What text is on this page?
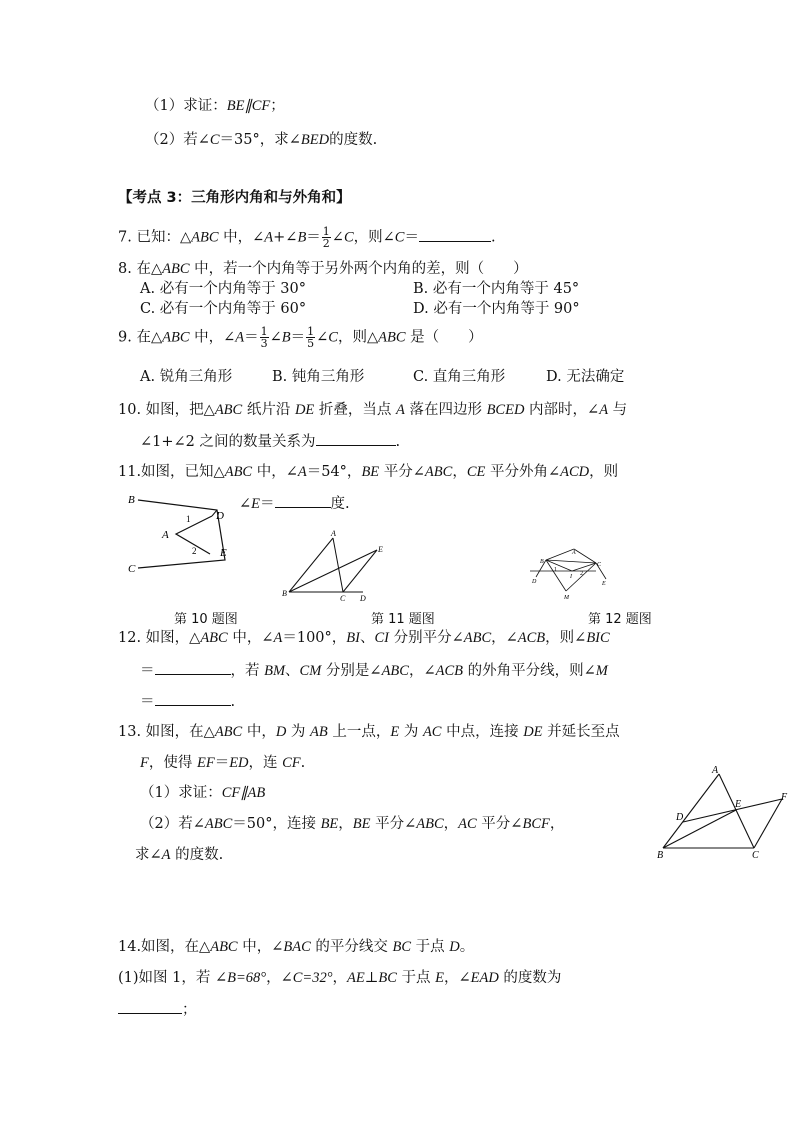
（1）求证：BE∥CF；
（2）若∠C＝35°，求∠BED的度数.
【考点 3：三角形内角和与外角和】
7. 已知：△ABC 中，∠A+∠B＝ $\frac{1}{2}$ ∠C，则∠C＝	.
8. 在△ABC 中，若一个内角等于另外两个内角的差，则（　　）
A. 必有一个内角等于 30°	B. 必有一个内角等于 45°
C. 必有一个内角等于 60°	D. 必有一个内角等于 90°
9. 在△ABC 中，∠A＝ $\frac{1}{3}$ ∠B＝ $\frac{1}{5}$ ∠C，则△ABC 是（　　）
A. 锐角三角形	B. 钝角三角形	C. 直角三角形	D. 无法确定
10. 如图，把△ABC 纸片沿 DE 折叠，当点 A 落在四边形 BCED 内部时，∠A 与
∠1+∠2 之间的数量关系为	.
11.如图，已知△ABC 中，∠A＝54°，BE 平分∠ABC，CE 平分外角∠ACD，则
∠E＝	度.
B
C
D
E
A
1
2
第 10 题图
A
B
C D
E
第 11 题图
A
B	C
D	E
M
I
1
2
第 12 题图
12. 如图，△ABC 中，∠A＝100°，BI、CI 分别平分∠ABC，∠ACB，则∠BIC
＝	，若 BM、CM 分别是∠ABC，∠ACB 的外角平分线，则∠M
＝	.
13. 如图，在△ABC 中，D 为 AB 上一点，E 为 AC 中点，连接 DE 并延长至点
F，使得 EF＝ED，连 CF.
（1）求证：CF∥AB
（2）若∠ABC＝50°，连接 BE，BE 平分∠ABC，AC 平分∠BCF，
求∠A 的度数.
A
B	C
D
E
F
14.如图，在△ABC 中，∠BAC 的平分线交 BC 于点 D。
(1)如图 1，若 ∠B=68°，∠C=32°，AE⊥BC 于点 E，∠EAD 的度数为
；
